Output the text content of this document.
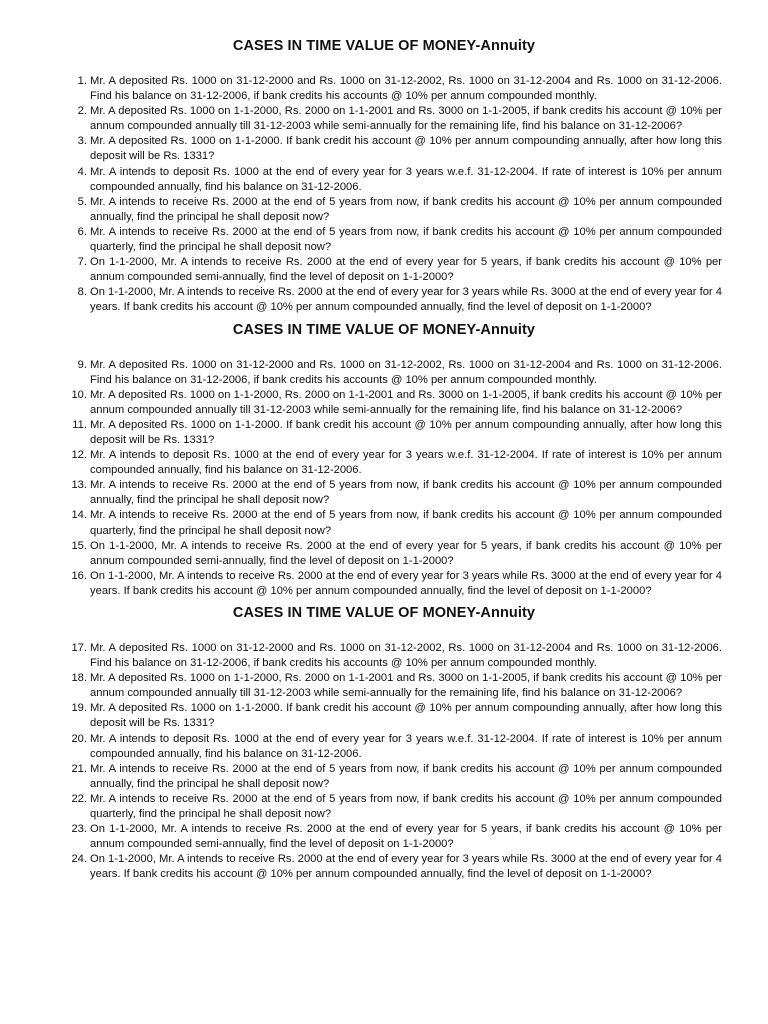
CASES IN TIME VALUE OF MONEY-Annuity
1. Mr. A deposited Rs. 1000 on 31-12-2000 and Rs. 1000 on 31-12-2002, Rs. 1000 on 31-12-2004 and Rs. 1000 on 31-12-2006. Find his balance on 31-12-2006, if bank credits his accounts @ 10% per annum compounded monthly.
2. Mr. A deposited Rs. 1000 on 1-1-2000, Rs. 2000 on 1-1-2001 and Rs. 3000 on 1-1-2005, if bank credits his account @ 10% per annum compounded annually till 31-12-2003 while semi-annually for the remaining life, find his balance on 31-12-2006?
3. Mr. A deposited Rs. 1000 on 1-1-2000. If bank credit his account @ 10% per annum compounding annually, after how long this deposit will be Rs. 1331?
4. Mr. A intends to deposit Rs. 1000 at the end of every year for 3 years w.e.f. 31-12-2004. If rate of interest is 10% per annum compounded annually, find his balance on 31-12-2006.
5. Mr. A intends to receive Rs. 2000 at the end of 5 years from now, if bank credits his account @ 10% per annum compounded annually, find the principal he shall deposit now?
6. Mr. A intends to receive Rs. 2000 at the end of 5 years from now, if bank credits his account @ 10% per annum compounded quarterly, find the principal he shall deposit now?
7. On 1-1-2000, Mr. A intends to receive Rs. 2000 at the end of every year for 5 years, if bank credits his account @ 10% per annum compounded semi-annually, find the level of deposit on 1-1-2000?
8. On 1-1-2000, Mr. A intends to receive Rs. 2000 at the end of every year for 3 years while Rs. 3000 at the end of every year for 4 years. If bank credits his account @ 10% per annum compounded annually, find the level of deposit on 1-1-2000?
CASES IN TIME VALUE OF MONEY-Annuity
9. Mr. A deposited Rs. 1000 on 31-12-2000 and Rs. 1000 on 31-12-2002, Rs. 1000 on 31-12-2004 and Rs. 1000 on 31-12-2006. Find his balance on 31-12-2006, if bank credits his accounts @ 10% per annum compounded monthly.
10. Mr. A deposited Rs. 1000 on 1-1-2000, Rs. 2000 on 1-1-2001 and Rs. 3000 on 1-1-2005, if bank credits his account @ 10% per annum compounded annually till 31-12-2003 while semi-annually for the remaining life, find his balance on 31-12-2006?
11. Mr. A deposited Rs. 1000 on 1-1-2000. If bank credit his account @ 10% per annum compounding annually, after how long this deposit will be Rs. 1331?
12. Mr. A intends to deposit Rs. 1000 at the end of every year for 3 years w.e.f. 31-12-2004. If rate of interest is 10% per annum compounded annually, find his balance on 31-12-2006.
13. Mr. A intends to receive Rs. 2000 at the end of 5 years from now, if bank credits his account @ 10% per annum compounded annually, find the principal he shall deposit now?
14. Mr. A intends to receive Rs. 2000 at the end of 5 years from now, if bank credits his account @ 10% per annum compounded quarterly, find the principal he shall deposit now?
15. On 1-1-2000, Mr. A intends to receive Rs. 2000 at the end of every year for 5 years, if bank credits his account @ 10% per annum compounded semi-annually, find the level of deposit on 1-1-2000?
16. On 1-1-2000, Mr. A intends to receive Rs. 2000 at the end of every year for 3 years while Rs. 3000 at the end of every year for 4 years. If bank credits his account @ 10% per annum compounded annually, find the level of deposit on 1-1-2000?
CASES IN TIME VALUE OF MONEY-Annuity
17. Mr. A deposited Rs. 1000 on 31-12-2000 and Rs. 1000 on 31-12-2002, Rs. 1000 on 31-12-2004 and Rs. 1000 on 31-12-2006. Find his balance on 31-12-2006, if bank credits his accounts @ 10% per annum compounded monthly.
18. Mr. A deposited Rs. 1000 on 1-1-2000, Rs. 2000 on 1-1-2001 and Rs. 3000 on 1-1-2005, if bank credits his account @ 10% per annum compounded annually till 31-12-2003 while semi-annually for the remaining life, find his balance on 31-12-2006?
19. Mr. A deposited Rs. 1000 on 1-1-2000. If bank credit his account @ 10% per annum compounding annually, after how long this deposit will be Rs. 1331?
20. Mr. A intends to deposit Rs. 1000 at the end of every year for 3 years w.e.f. 31-12-2004. If rate of interest is 10% per annum compounded annually, find his balance on 31-12-2006.
21. Mr. A intends to receive Rs. 2000 at the end of 5 years from now, if bank credits his account @ 10% per annum compounded annually, find the principal he shall deposit now?
22. Mr. A intends to receive Rs. 2000 at the end of 5 years from now, if bank credits his account @ 10% per annum compounded quarterly, find the principal he shall deposit now?
23. On 1-1-2000, Mr. A intends to receive Rs. 2000 at the end of every year for 5 years, if bank credits his account @ 10% per annum compounded semi-annually, find the level of deposit on 1-1-2000?
24. On 1-1-2000, Mr. A intends to receive Rs. 2000 at the end of every year for 3 years while Rs. 3000 at the end of every year for 4 years. If bank credits his account @ 10% per annum compounded annually, find the level of deposit on 1-1-2000?
